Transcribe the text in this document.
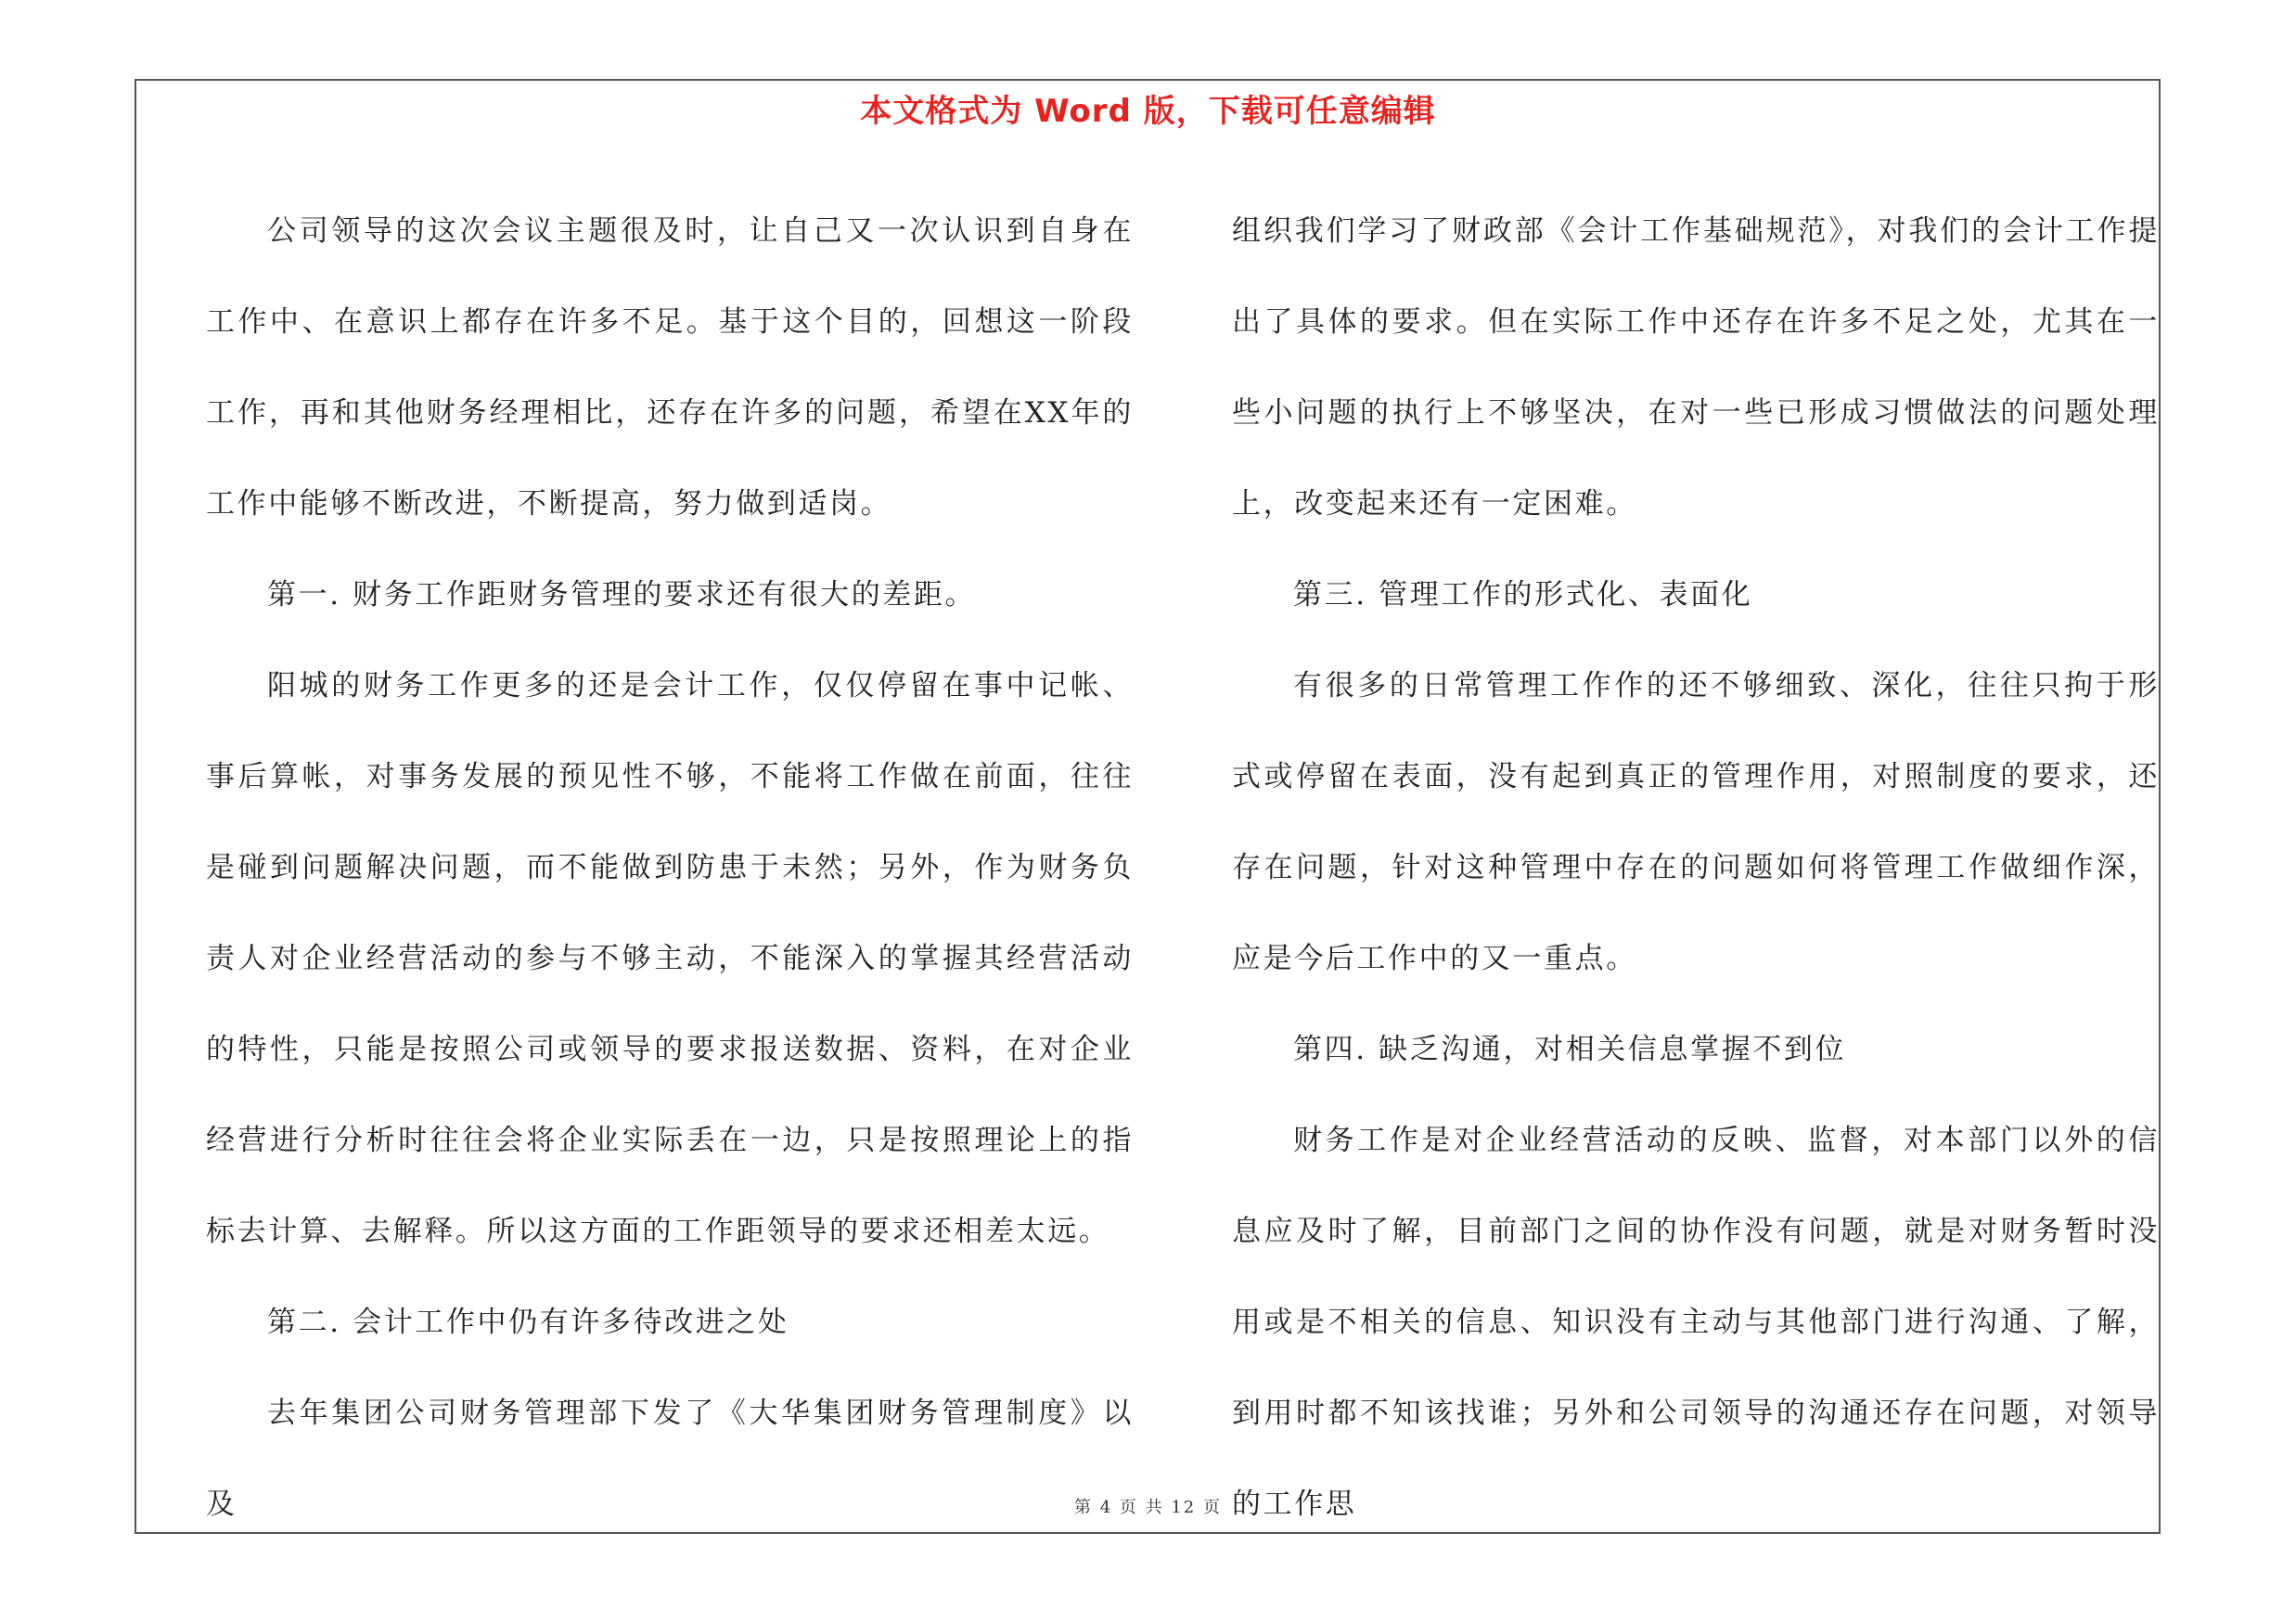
本文格式为 Word 版，下载可任意编辑

公司领导的这次会议主题很及时，让自己又一次认识到自身在工作中、在意识上都存在许多不足。基于这个目的，回想这一阶段工作，再和其他财务经理相比，还存在许多的问题，希望在XX年的工作中能够不断改进，不断提高，努力做到适岗。

第一. 财务工作距财务管理的要求还有很大的差距。

阳城的财务工作更多的还是会计工作，仅仅停留在事中记帐、事后算帐，对事务发展的预见性不够，不能将工作做在前面，往往是碰到问题解决问题，而不能做到防患于未然；另外，作为财务负责人对企业经营活动的参与不够主动，不能深入的掌握其经营活动的特性，只能是按照公司或领导的要求报送数据、资料，在对企业经营进行分析时往往会将企业实际丢在一边，只是按照理论上的指标去计算、去解释。所以这方面的工作距领导的要求还相差太远。

第二. 会计工作中仍有许多待改进之处

去年集团公司财务管理部下发了《大华集团财务管理制度》以及

组织我们学习了财政部《会计工作基础规范》，对我们的会计工作提出了具体的要求。但在实际工作中还存在许多不足之处，尤其在一些小问题的执行上不够坚决，在对一些已形成习惯做法的问题处理上，改变起来还有一定困难。

第三. 管理工作的形式化、表面化

有很多的日常管理工作作的还不够细致、深化，往往只拘于形式或停留在表面，没有起到真正的管理作用，对照制度的要求，还存在问题，针对这种管理中存在的问题如何将管理工作做细作深，应是今后工作中的又一重点。

第四. 缺乏沟通，对相关信息掌握不到位

财务工作是对企业经营活动的反映、监督，对本部门以外的信息应及时了解，目前部门之间的协作没有问题，就是对财务暂时没用或是不相关的信息、知识没有主动与其他部门进行沟通、了解，到用时都不知该找谁；另外和公司领导的沟通还存在问题，对领导的工作思

第 4 页 共 12 页
